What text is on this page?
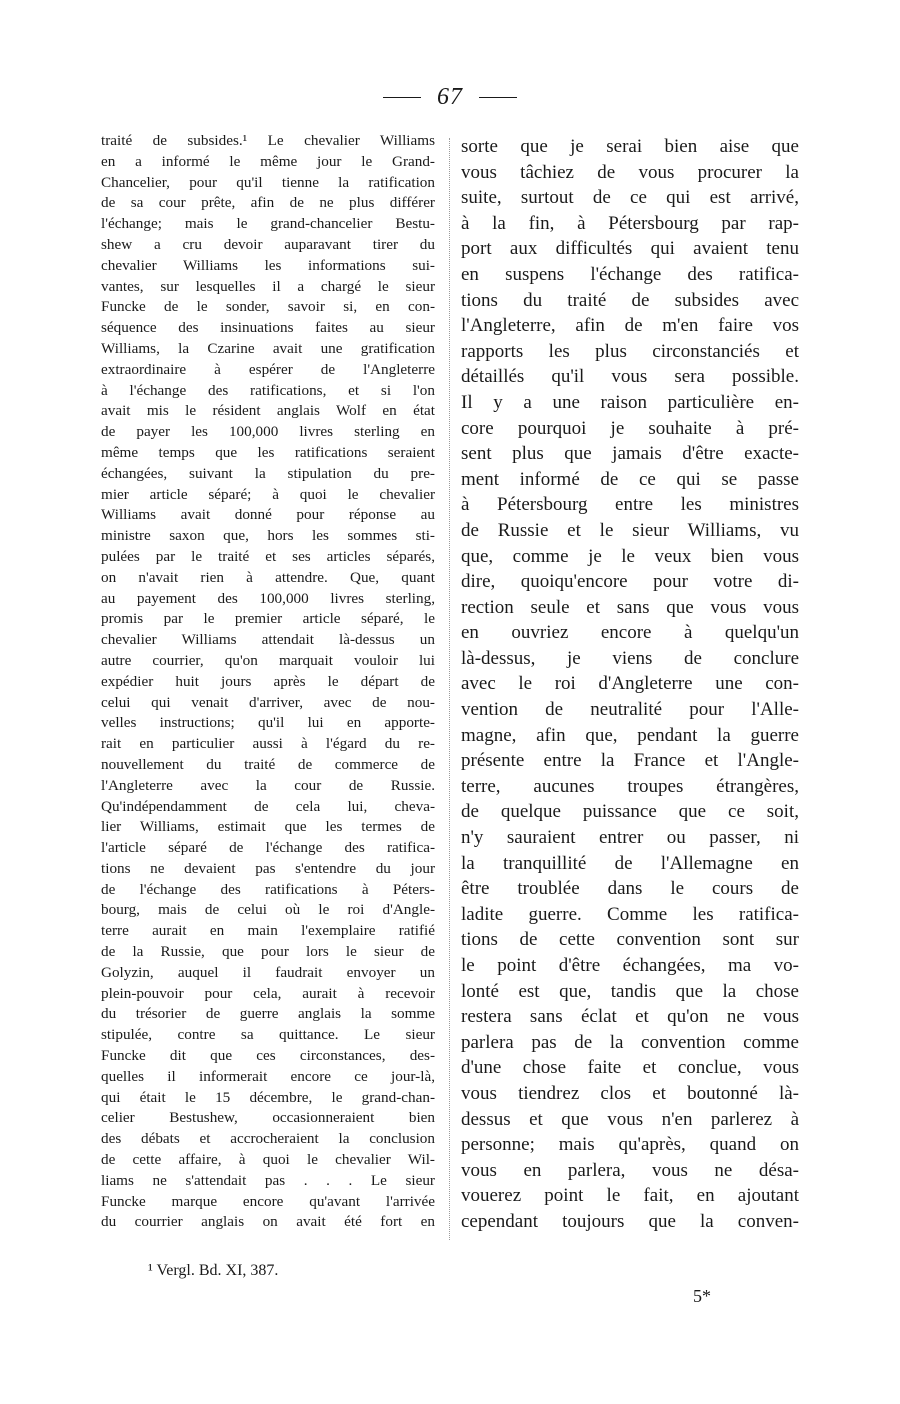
67
traité de subsides.¹ Le chevalier Williams
en a informé le même jour le Grand-
Chancelier, pour qu'il tienne la ratification
de sa cour prête, afin de ne plus différer
l'échange; mais le grand-chancelier Bestu-
shew a cru devoir auparavant tirer du
chevalier Williams les informations sui-
vantes, sur lesquelles il a chargé le sieur
Funcke de le sonder, savoir si, en con-
séquence des insinuations faites au sieur
Williams, la Czarine avait une gratification
extraordinaire à espérer de l'Angleterre
à l'échange des ratifications, et si l'on
avait mis le résident anglais Wolf en état
de payer les 100,000 livres sterling en
même temps que les ratifications seraient
échangées, suivant la stipulation du pre-
mier article séparé; à quoi le chevalier
Williams avait donné pour réponse au
ministre saxon que, hors les sommes sti-
pulées par le traité et ses articles séparés,
on n'avait rien à attendre. Que, quant
au payement des 100,000 livres sterling,
promis par le premier article séparé, le
chevalier Williams attendait là-dessus un
autre courrier, qu'on marquait vouloir lui
expédier huit jours après le départ de
celui qui venait d'arriver, avec de nou-
velles instructions; qu'il lui en apporte-
rait en particulier aussi à l'égard du re-
nouvellement du traité de commerce de
l'Angleterre avec la cour de Russie.
Qu'indépendamment de cela lui, cheva-
lier Williams, estimait que les termes de
l'article séparé de l'échange des ratifica-
tions ne devaient pas s'entendre du jour
de l'échange des ratifications à Péters-
bourg, mais de celui où le roi d'Angle-
terre aurait en main l'exemplaire ratifié
de la Russie, que pour lors le sieur de
Golyzin, auquel il faudrait envoyer un
plein-pouvoir pour cela, aurait à recevoir
du trésorier de guerre anglais la somme
stipulée, contre sa quittance. Le sieur
Funcke dit que ces circonstances, des-
quelles il informerait encore ce jour-là,
qui était le 15 décembre, le grand-chan-
celier Bestushew, occasionneraient bien
des débats et accrocheraient la conclusion
de cette affaire, à quoi le chevalier Wil-
liams ne s'attendait pas . . . Le sieur
Funcke marque encore qu'avant l'arrivée
du courrier anglais on avait été fort en
sorte que je serai bien aise que
vous tâchiez de vous procurer la
suite, surtout de ce qui est arrivé,
à la fin, à Pétersbourg par rap-
port aux difficultés qui avaient tenu
en suspens l'échange des ratifica-
tions du traité de subsides avec
l'Angleterre, afin de m'en faire vos
rapports les plus circonstanciés et
détaillés qu'il vous sera possible.
Il y a une raison particulière en-
core pourquoi je souhaite à pré-
sent plus que jamais d'être exacte-
ment informé de ce qui se passe
à Pétersbourg entre les ministres
de Russie et le sieur Williams, vu
que, comme je le veux bien vous
dire, quoiqu'encore pour votre di-
rection seule et sans que vous vous
en ouvriez encore à quelqu'un
là-dessus, je viens de conclure
avec le roi d'Angleterre une con-
vention de neutralité pour l'Alle-
magne, afin que, pendant la guerre
présente entre la France et l'Angle-
terre, aucunes troupes étrangères,
de quelque puissance que ce soit,
n'y sauraient entrer ou passer, ni
la tranquillité de l'Allemagne en
être troublée dans le cours de
ladite guerre. Comme les ratifica-
tions de cette convention sont sur
le point d'être échangées, ma vo-
lonté est que, tandis que la chose
restera sans éclat et qu'on ne vous
parlera pas de la convention comme
d'une chose faite et conclue, vous
vous tiendrez clos et boutonné là-
dessus et que vous n'en parlerez à
personne; mais qu'après, quand on
vous en parlera, vous ne désa-
vouerez point le fait, en ajoutant
cependant toujours que la conven-
¹ Vergl. Bd. XI, 387.
5*
